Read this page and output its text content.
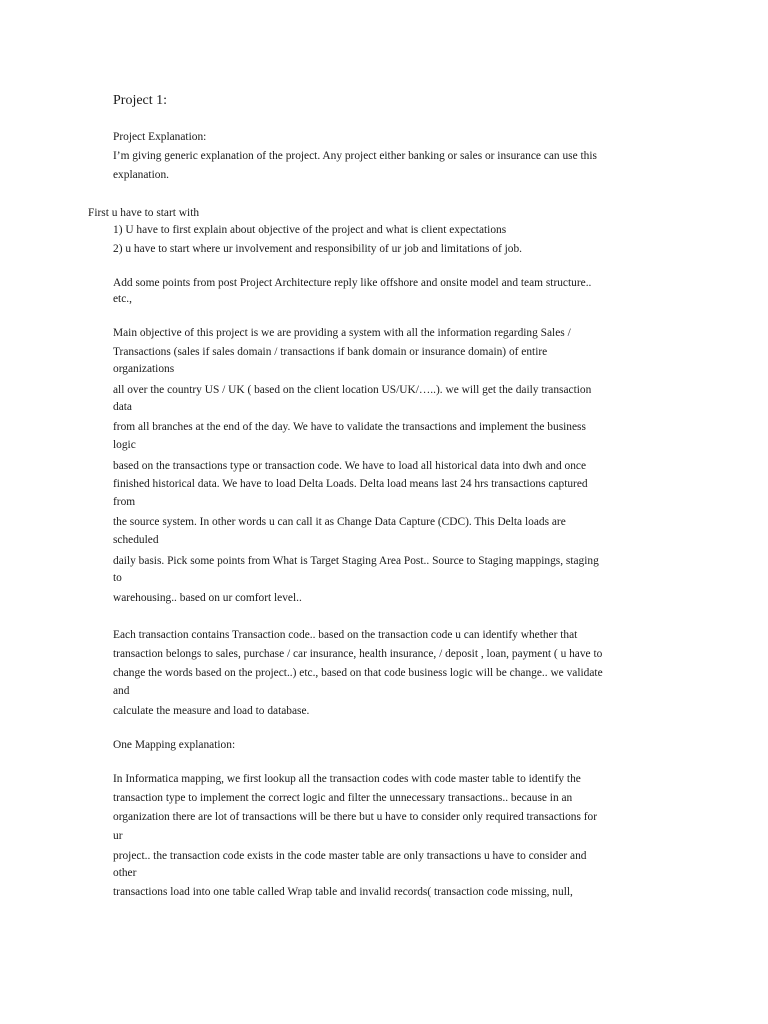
Project 1:
Project Explanation:
I’m giving generic explanation of the project. Any project either banking or sales or insurance can use this
explanation.
First u have to start with
1) U have to first explain about objective of the project and what is client expectations
2) u have to start where ur involvement and responsibility of ur job and limitations of job.
Add some points from post Project Architecture reply like offshore and onsite model and team structure..
etc.,
Main objective of this project is we are providing a system with all the information regarding Sales /
Transactions (sales if sales domain / transactions if bank domain or insurance domain) of entire
organizations
all over the country US / UK ( based on the client location US/UK/…..). we will get the daily transaction
data
from all branches at the end of the day. We have to validate the transactions and implement the business
logic
based on the transactions type or transaction code. We have to load all historical data into dwh and once
finished historical data. We have to load Delta Loads. Delta load means last 24 hrs transactions captured
from
the source system. In other words u can call it as Change Data Capture (CDC). This Delta loads are
scheduled
daily basis. Pick some points from What is Target Staging Area Post.. Source to Staging mappings, staging
to
warehousing.. based on ur comfort level..
Each transaction contains Transaction code.. based on the transaction code u can identify whether that
transaction belongs to sales, purchase / car insurance, health insurance, / deposit , loan, payment ( u have to
change the words based on the project..) etc., based on that code business logic will be change.. we validate
and
calculate the measure and load to database.
One Mapping explanation:
In Informatica mapping, we first lookup all the transaction codes with code master table to identify the
transaction type to implement the correct logic and filter the unnecessary transactions.. because in an
organization there are lot of transactions will be there but u have to consider only required transactions for
ur
project.. the transaction code exists in the code master table are only transactions u have to consider and
other
transactions load into one table called Wrap table and invalid records( transaction code missing, null,
